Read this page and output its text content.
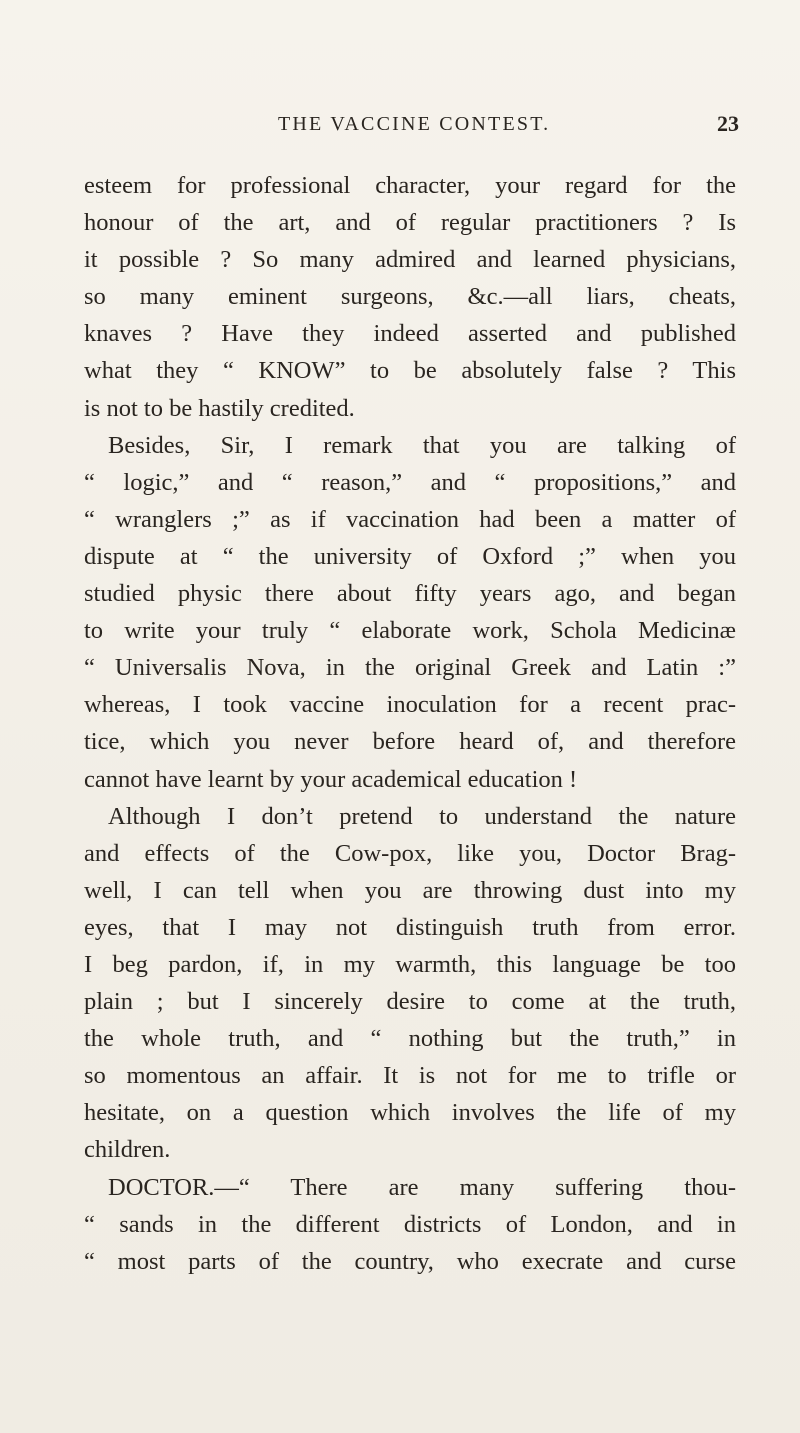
THE VACCINE CONTEST.	23
esteem for professional character, your regard for the
honour of the art, and of regular practitioners ? Is
it possible ? So many admired and learned physicians,
so many eminent surgeons, &c.—all liars, cheats,
knaves ? Have they indeed asserted and published
what they “ KNOW” to be absolutely false ? This
is not to be hastily credited.
Besides, Sir, I remark that you are talking of
“ logic,” and “ reason,” and “ propositions,” and
“ wranglers ;” as if vaccination had been a matter of
dispute at “ the university of Oxford ;” when you
studied physic there about fifty years ago, and began
to write your truly “ elaborate work, Schola Medicinæ
“ Universalis Nova, in the original Greek and Latin :”
whereas, I took vaccine inoculation for a recent prac-
tice, which you never before heard of, and therefore
cannot have learnt by your academical education !
Although I don’t pretend to understand the nature
and effects of the Cow-pox, like you, Doctor Brag-
well, I can tell when you are throwing dust into my
eyes, that I may not distinguish truth from error.
I beg pardon, if, in my warmth, this language be too
plain ; but I sincerely desire to come at the truth,
the whole truth, and “ nothing but the truth,” in
so momentous an affair. It is not for me to trifle or
hesitate, on a question which involves the life of my
children.
DOCTOR.—“ There are many suffering thou-
“ sands in the different districts of London, and in
“ most parts of the country, who execrate and curse
